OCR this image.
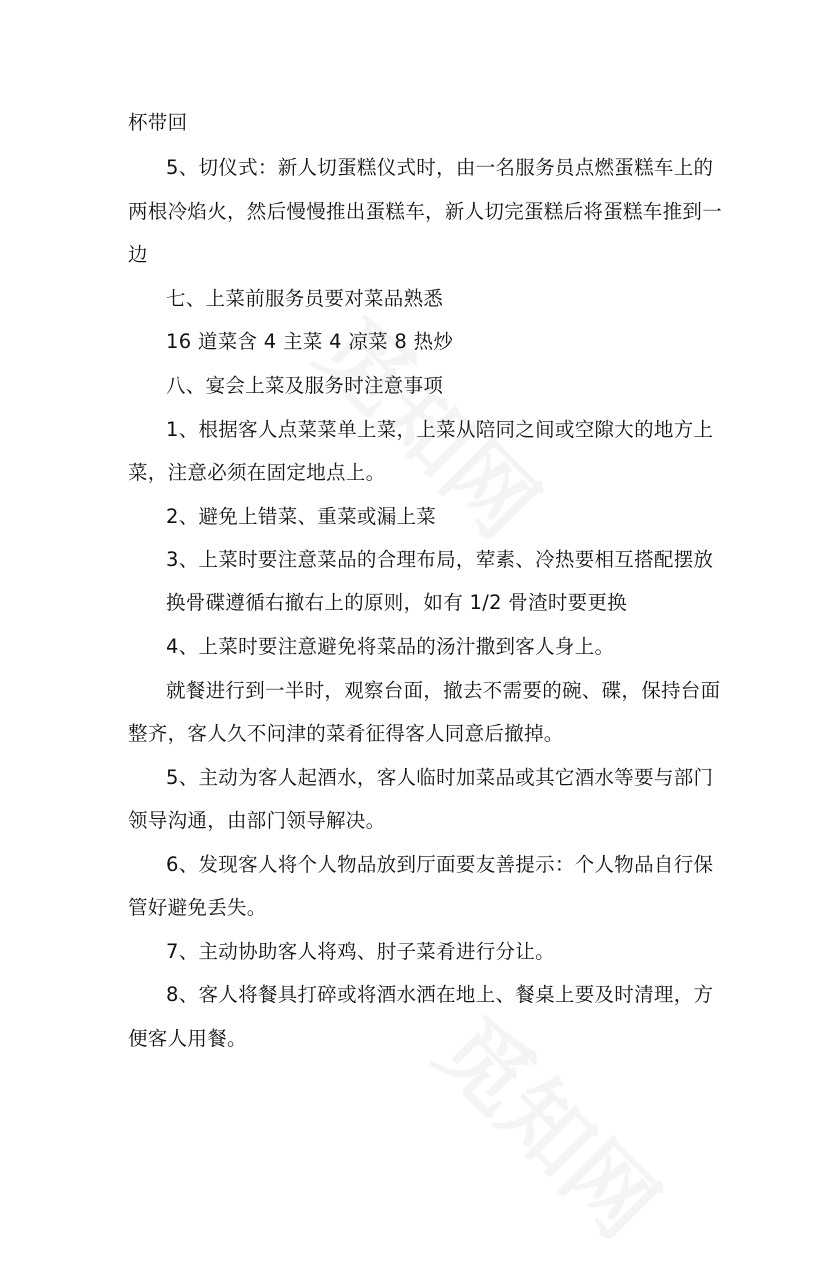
杯带回
5、切仪式：新人切蛋糕仪式时，由一名服务员点燃蛋糕车上的
两根冷焰火，然后慢慢推出蛋糕车，新人切完蛋糕后将蛋糕车推到一
边
七、上菜前服务员要对菜品熟悉
16 道菜含 4 主菜 4 凉菜 8 热炒
八、宴会上菜及服务时注意事项
1、根据客人点菜菜单上菜，上菜从陪同之间或空隙大的地方上
菜，注意必须在固定地点上。
2、避免上错菜、重菜或漏上菜
3、上菜时要注意菜品的合理布局，荤素、冷热要相互搭配摆放
换骨碟遵循右撤右上的原则，如有 1/2 骨渣时要更换
4、上菜时要注意避免将菜品的汤汁撒到客人身上。
就餐进行到一半时，观察台面，撤去不需要的碗、碟，保持台面
整齐，客人久不问津的菜肴征得客人同意后撤掉。
5、主动为客人起酒水，客人临时加菜品或其它酒水等要与部门
领导沟通，由部门领导解决。
6、发现客人将个人物品放到厅面要友善提示：个人物品自行保
管好避免丢失。
7、主动协助客人将鸡、肘子菜肴进行分让。
8、客人将餐具打碎或将酒水洒在地上、餐桌上要及时清理，方
便客人用餐。
